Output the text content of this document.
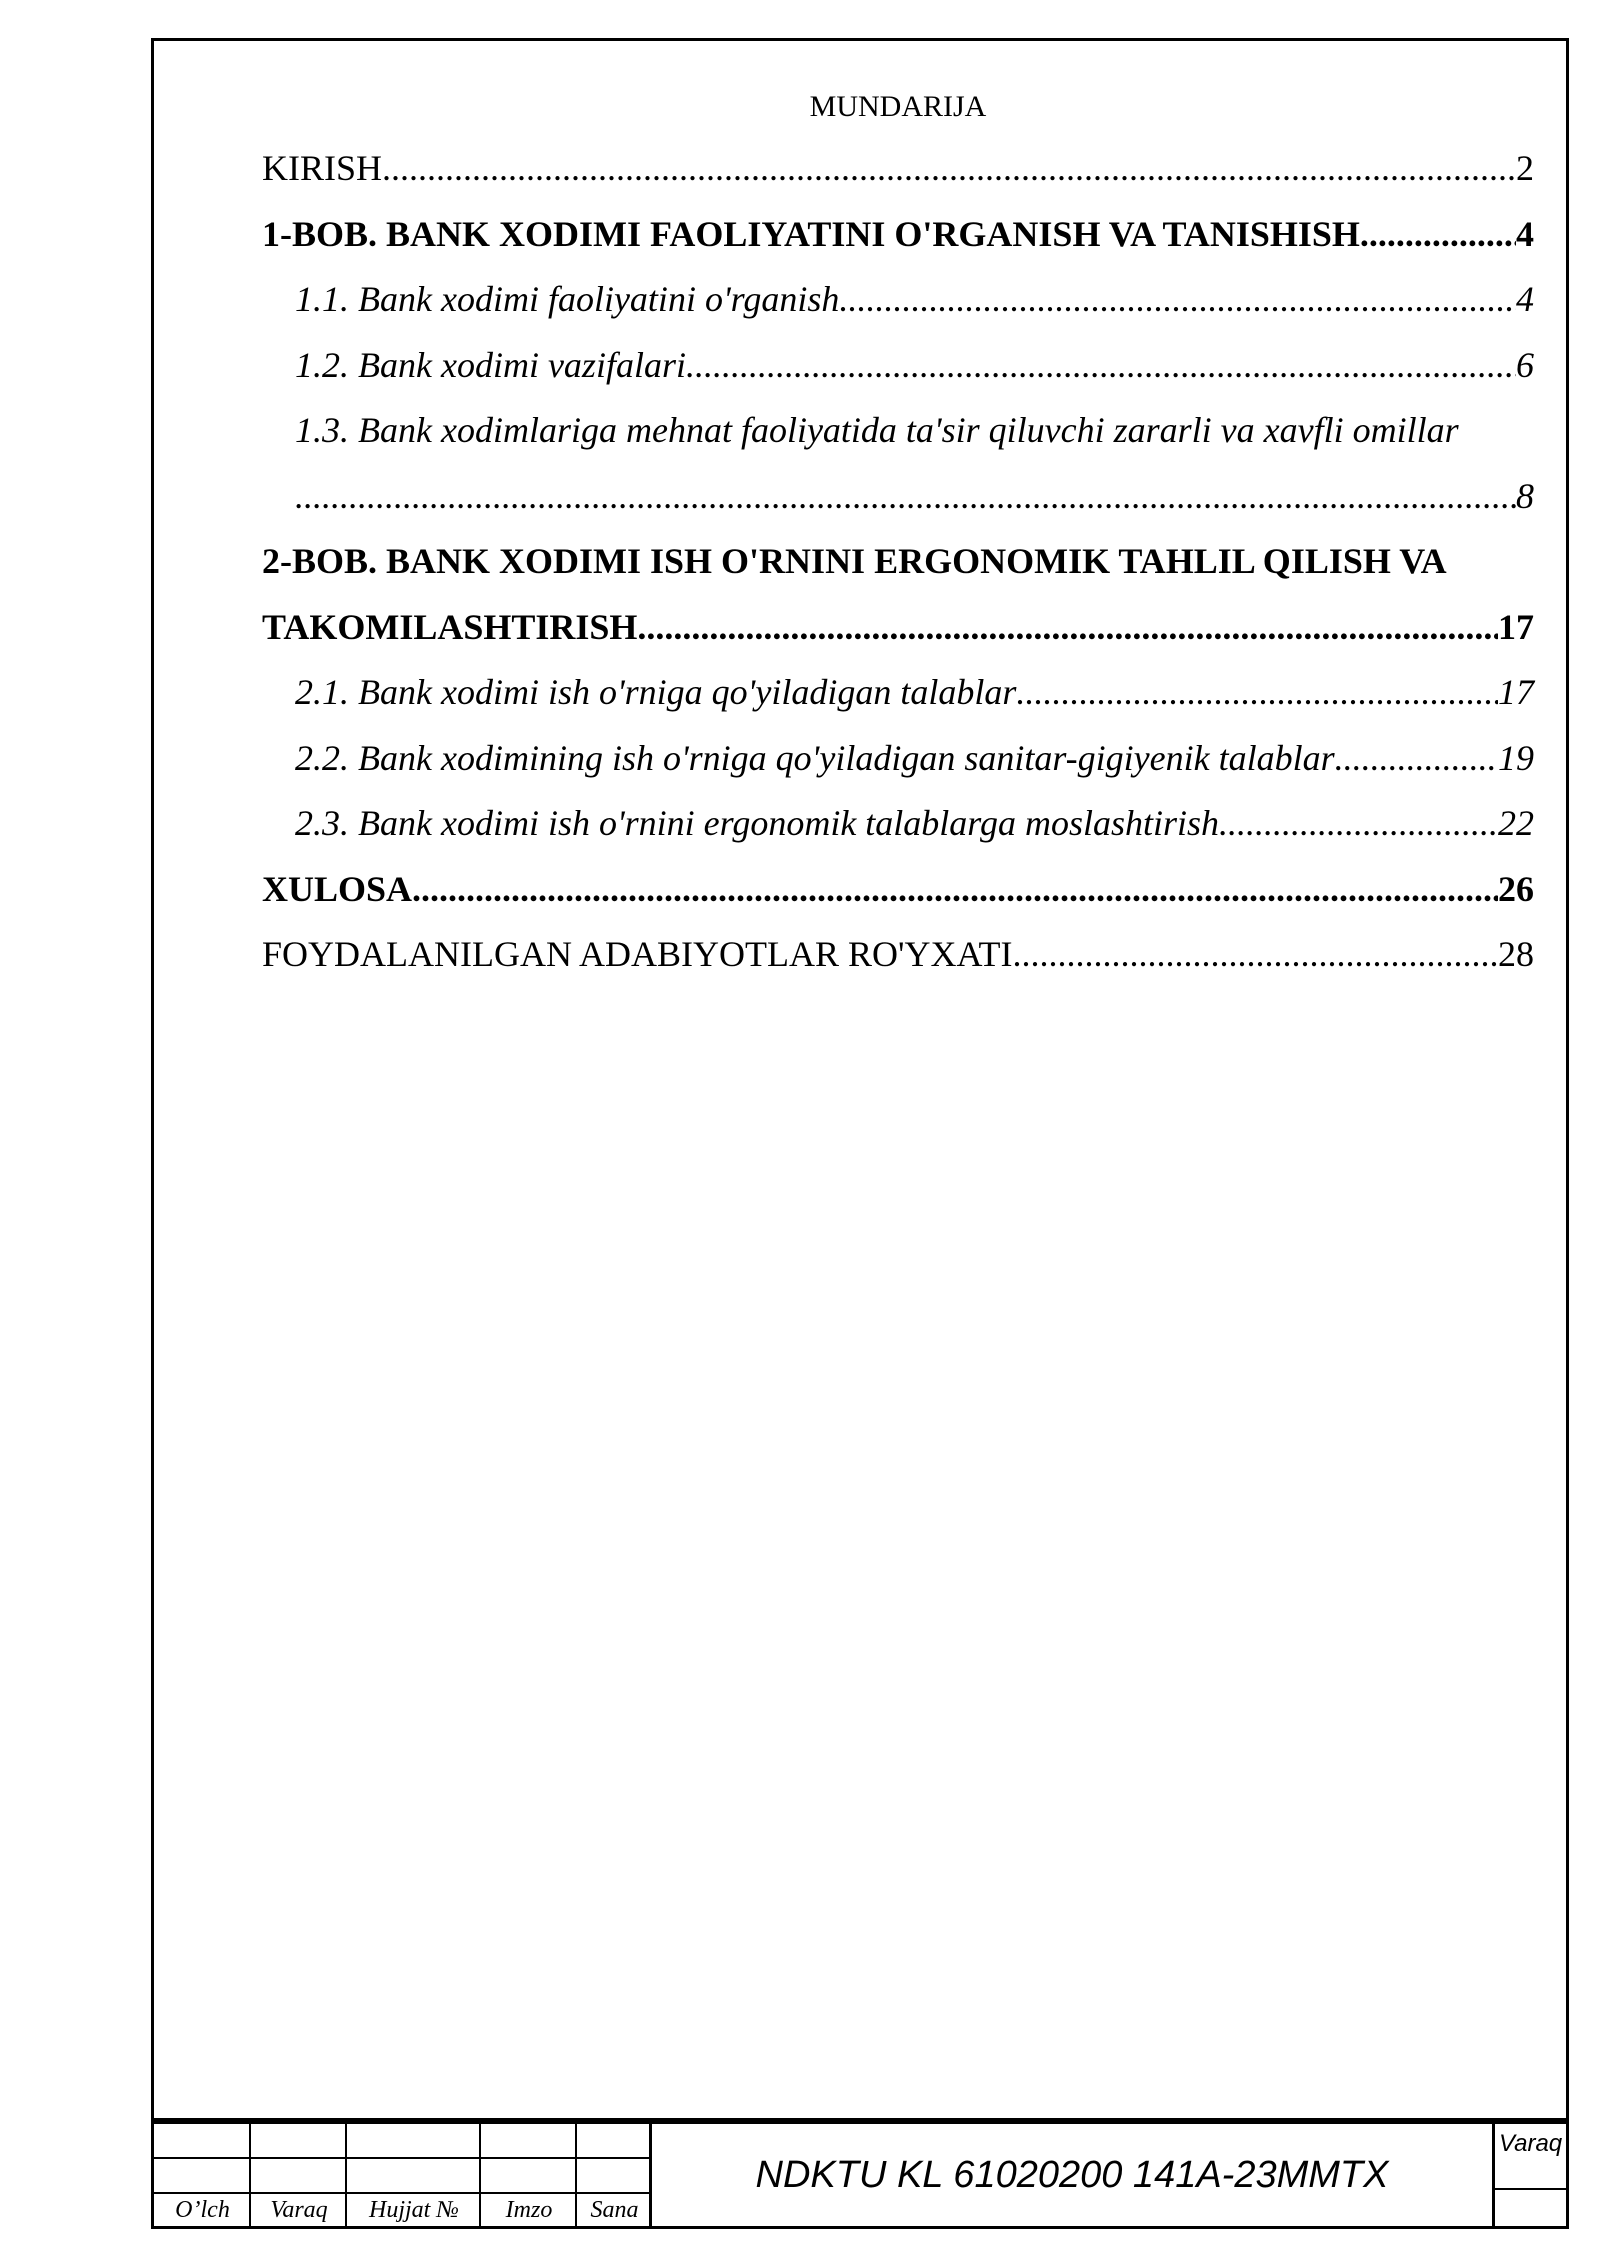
MUNDARIJA
KIRISH .....	2
1-BOB. BANK XODIMI FAOLIYATINI O'RGANISH VA TANISHISH .....	4
1.1. Bank xodimi faoliyatini o'rganish .....	4
1.2. Bank xodimi vazifalari .....	6
1.3. Bank xodimlariga mehnat faoliyatida ta'sir qiluvchi zararli va xavfli omillar
.....
8
2-BOB. BANK XODIMI ISH O'RNINI ERGONOMIK TAHLIL QILISH VA
TAKOMILASHTIRISH .....	17
2.1. Bank xodimi ish o'rniga qo'yiladigan talablar .....	17
2.2. Bank xodimining ish o'rniga qo'yiladigan sanitar-gigiyenik talablar .....	19
2.3. Bank xodimi ish o'rnini ergonomik talablarga moslashtirish .....	22
XULOSA .....	26
FOYDALANILGAN ADABIYOTLAR RO'YXATI .....	28
O’lch	Varaq	Hujjat №	Imzo	Sana
NDKTU KL 61020200 141A-23MMTX
Varaq
